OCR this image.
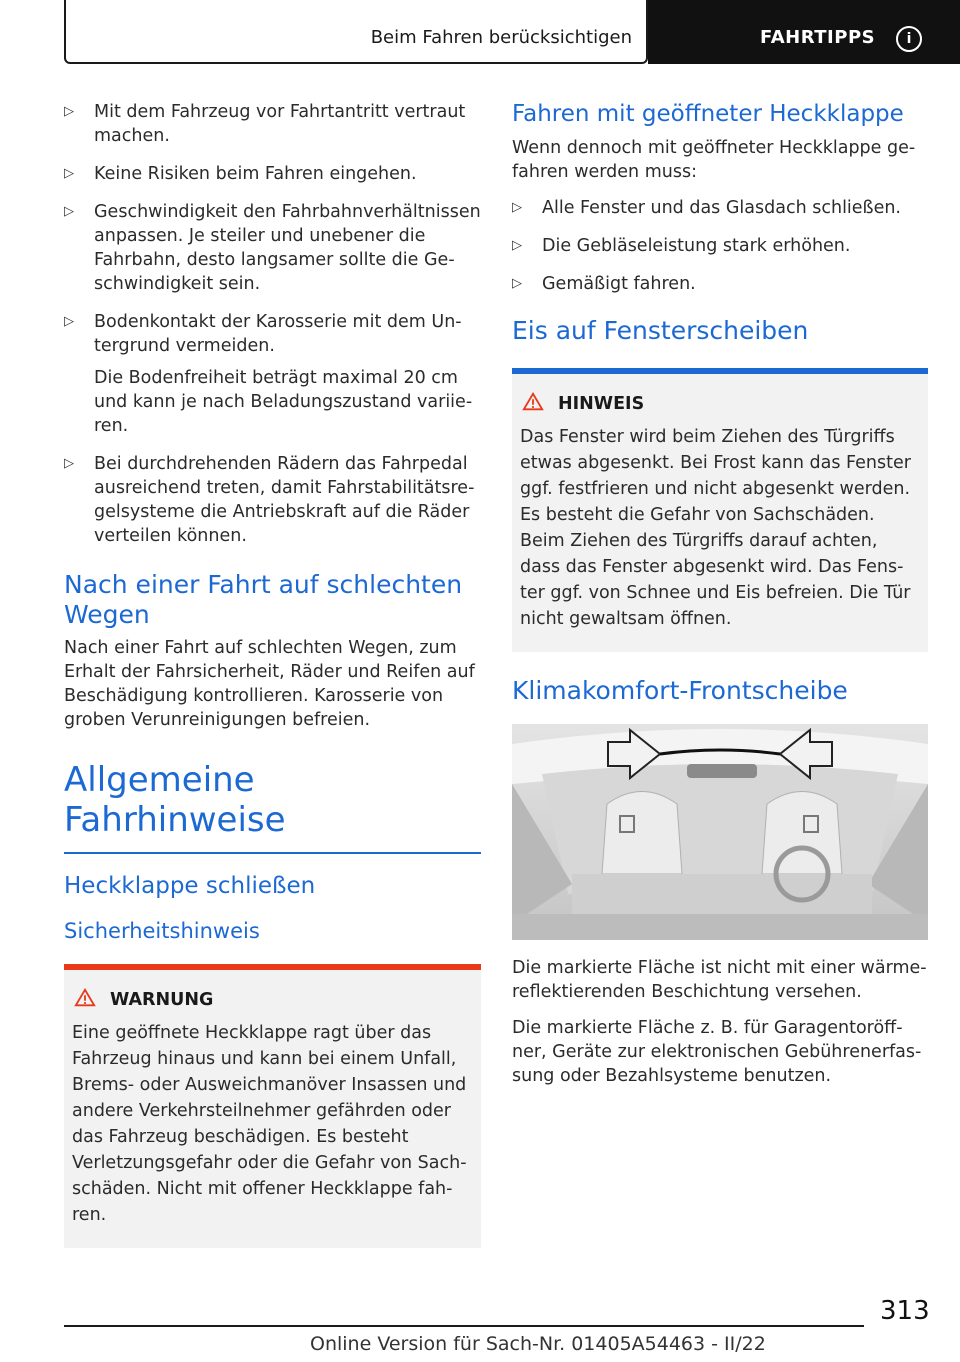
Beim Fahren berücksichtigen	FAHRTIPPS	i
▷ Mit dem Fahrzeug vor Fahrtantritt vertraut machen.

▷ Keine Risiken beim Fahren eingehen.

▷ Geschwindigkeit den Fahrbahnverhältnissen anpassen. Je steiler und unebener die Fahrbahn, desto langsamer sollte die Geschwindigkeit sein.

▷ Bodenkontakt der Karosserie mit dem Untergrund vermeiden.

Die Bodenfreiheit beträgt maximal 20 cm und kann je nach Beladungszustand variieren.

▷ Bei durchdrehenden Rädern das Fahrpedal ausreichend treten, damit Fahrstabilitätsregelsysteme die Antriebskraft auf die Räder verteilen können.

Nach einer Fahrt auf schlechten Wegen

Nach einer Fahrt auf schlechten Wegen, zum Erhalt der Fahrsicherheit, Räder und Reifen auf Beschädigung kontrollieren. Karosserie von groben Verunreinigungen befreien.

Allgemeine Fahrhinweise
Heckklappe schließen
Sicherheitshinweis
WARNUNG
Eine geöffnete Heckklappe ragt über das Fahrzeug hinaus und kann bei einem Unfall, Brems- oder Ausweichmanöver Insassen und andere Verkehrsteilnehmer gefährden oder das Fahrzeug beschädigen. Es besteht Verletzungsgefahr oder die Gefahr von Sachschäden. Nicht mit offener Heckklappe fahren.
Fahren mit geöffneter Heckklappe

Wenn dennoch mit geöffneter Heckklappe gefahren werden muss:

▷ Alle Fenster und das Glasdach schließen.

▷ Die Gebläseleistung stark erhöhen.

▷ Gemäßigt fahren.

Eis auf Fensterscheiben
HINWEIS
Das Fenster wird beim Ziehen des Türgriffs etwas abgesenkt. Bei Frost kann das Fenster ggf. festfrieren und nicht abgesenkt werden. Es besteht die Gefahr von Sachschäden. Beim Ziehen des Türgriffs darauf achten, dass das Fenster abgesenkt wird. Das Fenster ggf. von Schnee und Eis befreien. Die Tür nicht gewaltsam öffnen.
Klimakomfort-Frontscheibe

Die markierte Fläche ist nicht mit einer wärmereflektierenden Beschichtung versehen.

Die markierte Fläche z. B. für Garagentoröffner, Geräte zur elektronischen Gebührenerfassung oder Bezahlsysteme benutzen.

313
Online Version für Sach-Nr. 01405A54463 - II/22
